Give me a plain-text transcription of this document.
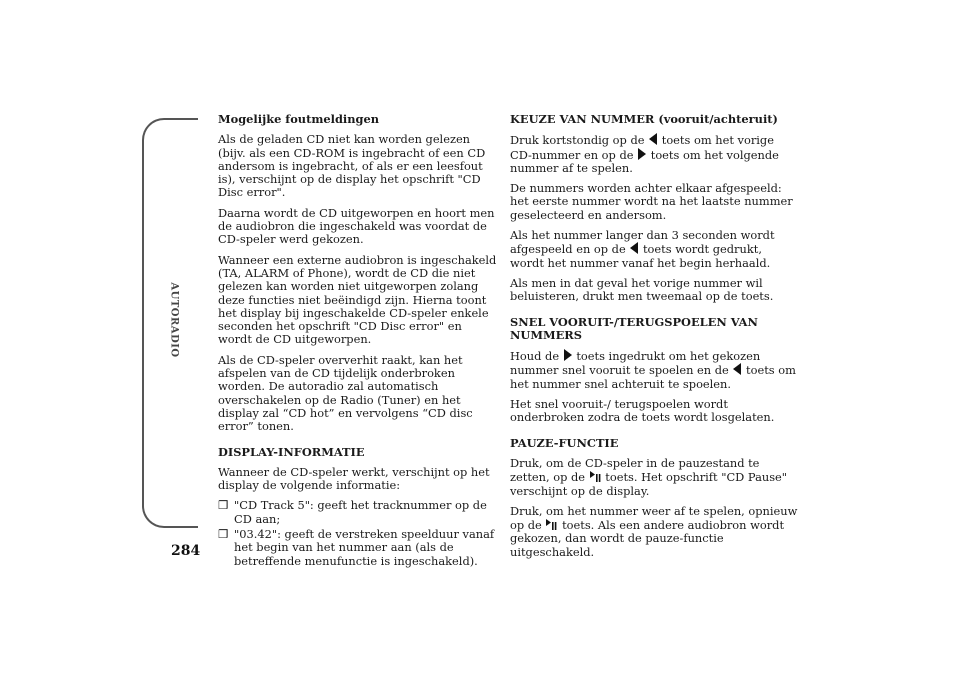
AUTORADIO
284
Mogelijke foutmeldingen

Als de geladen CD niet kan worden gelezen (bijv. als een CD-ROM is ingebracht of een CD andersom is ingebracht, of als er een leesfout is), verschijnt op de display het opschrift "CD Disc error".

Daarna wordt de CD uitgeworpen en hoort men de audiobron die ingeschakeld was voordat de CD-speler werd gekozen.

Wanneer een externe audiobron is ingeschakeld (TA, ALARM of Phone), wordt de CD die niet gelezen kan worden niet uitgeworpen zolang deze functies niet beëindigd zijn. Hierna toont het display bij ingeschakelde CD-speler enkele seconden het opschrift "CD Disc error" en wordt de CD uitgeworpen.

Als de CD-speler oververhit raakt, kan het afspelen van de CD tijdelijk onderbroken worden. De autoradio zal automatisch overschakelen op de Radio (Tuner) en het display zal “CD hot” en vervolgens “CD disc error” tonen.

DISPLAY-INFORMATIE

Wanneer de CD-speler werkt, verschijnt op het display de volgende informatie:

❒ "CD Track 5": geeft het tracknummer op de CD aan;
❒ "03.42": geeft de verstreken speelduur vanaf het begin van het nummer aan (als de betreffende menufunctie is ingeschakeld).
KEUZE VAN NUMMER (vooruit/achteruit)

Druk kortstondig op de toets om het vorige CD-nummer en op de toets om het volgende nummer af te spelen.

De nummers worden achter elkaar afgespeeld: het eerste nummer wordt na het laatste nummer geselecteerd en andersom.

Als het nummer langer dan 3 seconden wordt afgespeeld en op de toets wordt gedrukt, wordt het nummer vanaf het begin herhaald.

Als men in dat geval het vorige nummer wil beluisteren, drukt men tweemaal op de toets.

SNEL VOORUIT-/TERUGSPOELEN VAN NUMMERS

Houd de toets ingedrukt om het gekozen nummer snel vooruit te spoelen en de toets om het nummer snel achteruit te spoelen.

Het snel vooruit-/ terugspoelen wordt onderbroken zodra de toets wordt losgelaten.

PAUZE-FUNCTIE

Druk, om de CD-speler in de pauzestand te zetten, op de toets. Het opschrift "CD Pause" verschijnt op de display.

Druk, om het nummer weer af te spelen, opnieuw op de toets. Als een andere audiobron wordt gekozen, dan wordt de pauze-functie uitgeschakeld.
